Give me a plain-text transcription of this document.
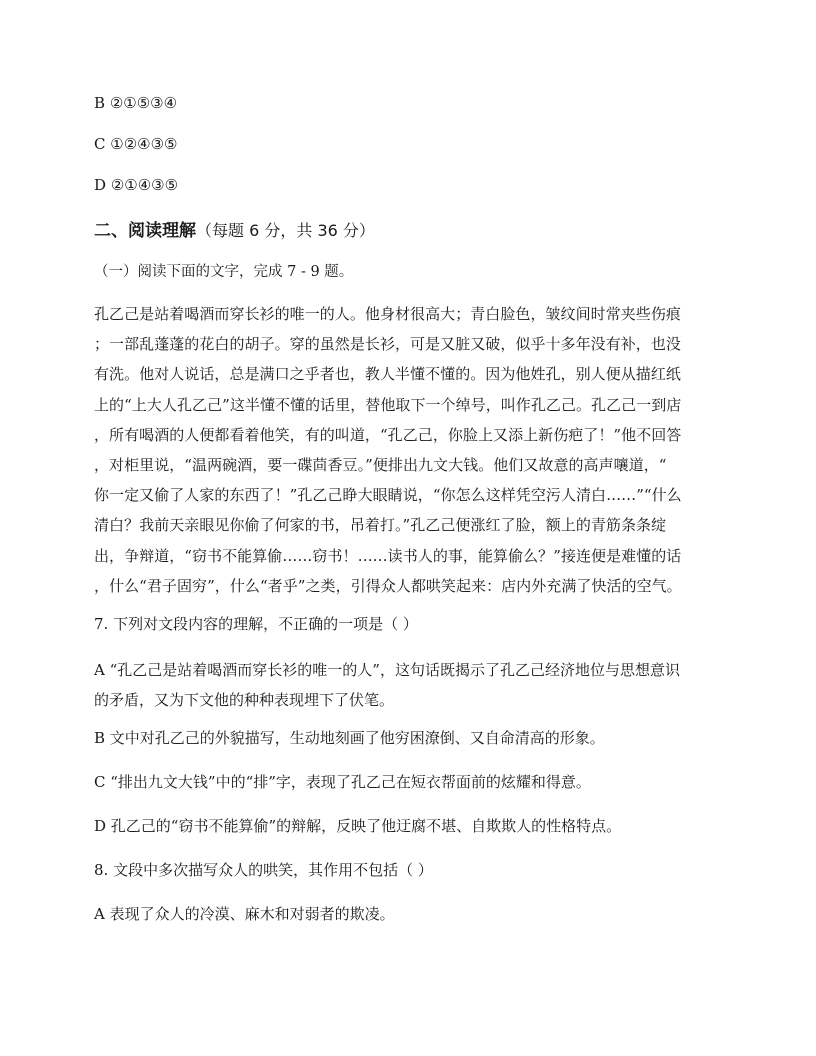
B ②①⑤③④

C ①②④③⑤

D ②①④③⑤

二、阅读理解（每题 6 分，共 36 分）

（一）阅读下面的文字，完成 7 - 9 题。

孔乙己是站着喝酒而穿长衫的唯一的人。他身材很高大；青白脸色，皱纹间时常夹些伤痕
；一部乱蓬蓬的花白的胡子。穿的虽然是长衫，可是又脏又破，似乎十多年没有补，也没
有洗。他对人说话，总是满口之乎者也，教人半懂不懂的。因为他姓孔，别人便从描红纸
上的“上大人孔乙己”这半懂不懂的话里，替他取下一个绰号，叫作孔乙己。孔乙己一到店
，所有喝酒的人便都看着他笑，有的叫道，“孔乙己，你脸上又添上新伤疤了！”他不回答
，对柜里说，“温两碗酒，要一碟茴香豆。”便排出九文大钱。他们又故意的高声嚷道，“
你一定又偷了人家的东西了！”孔乙己睁大眼睛说，“你怎么这样凭空污人清白……”“什么
清白？我前天亲眼见你偷了何家的书，吊着打。”孔乙己便涨红了脸，额上的青筋条条绽
出，争辩道，“窃书不能算偷……窃书！……读书人的事，能算偷么？”接连便是难懂的话
，什么“君子固穷”，什么“者乎”之类，引得众人都哄笑起来：店内外充满了快活的空气。

7. 下列对文段内容的理解，不正确的一项是（ ）

A “孔乙己是站着喝酒而穿长衫的唯一的人”，这句话既揭示了孔乙己经济地位与思想意识
的矛盾，又为下文他的种种表现埋下了伏笔。

B 文中对孔乙己的外貌描写，生动地刻画了他穷困潦倒、又自命清高的形象。

C “排出九文大钱”中的“排”字，表现了孔乙己在短衣帮面前的炫耀和得意。

D 孔乙己的“窃书不能算偷”的辩解，反映了他迂腐不堪、自欺欺人的性格特点。

8. 文段中多次描写众人的哄笑，其作用不包括（ ）

A 表现了众人的冷漠、麻木和对弱者的欺凌。
